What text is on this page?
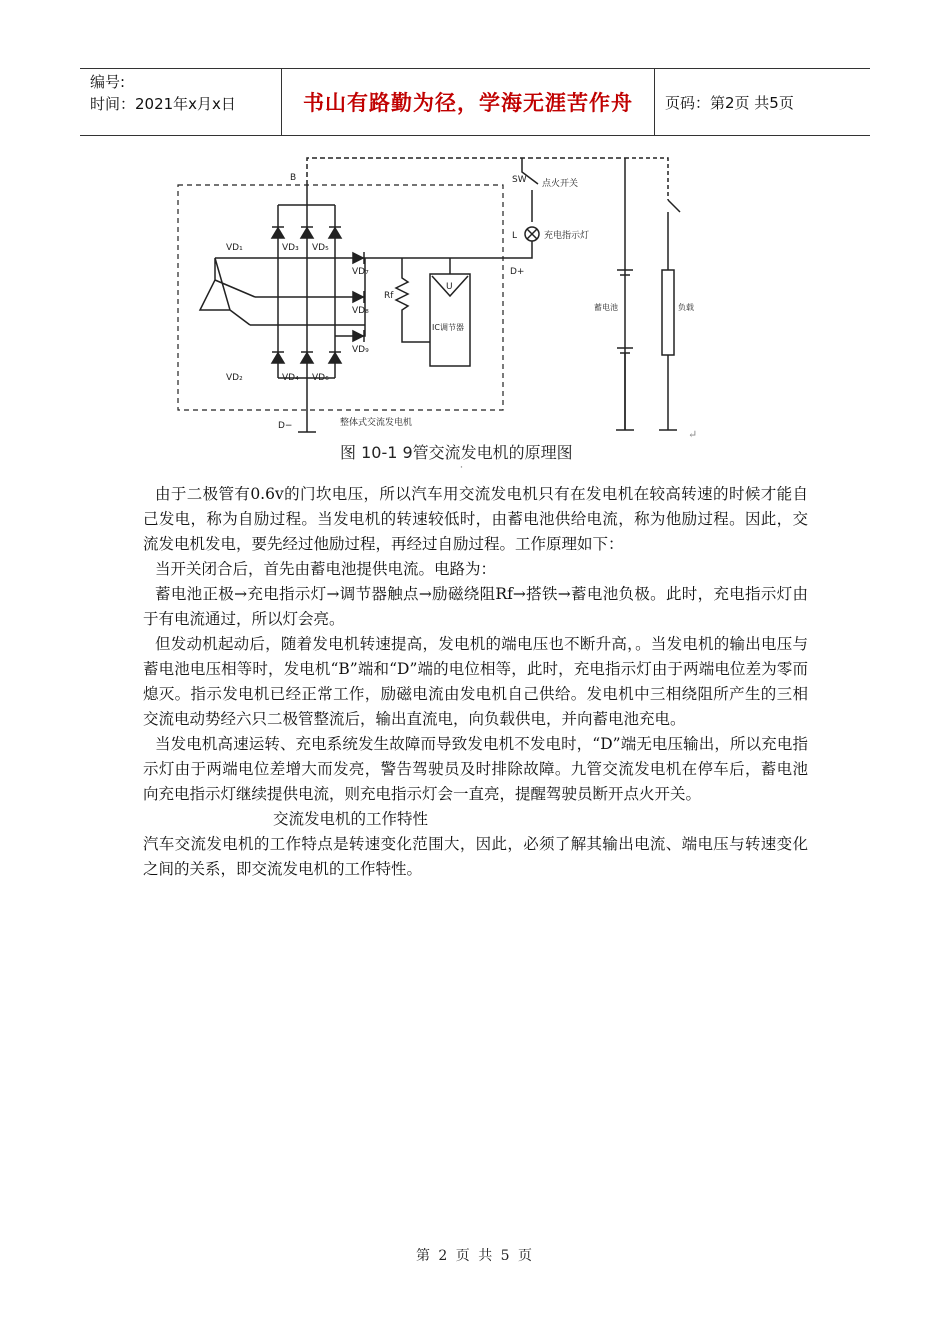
编号:
时间：2021年x月x日	书山有路勤为径，学海无涯苦作舟	页码：第2页 共5页
B	SW 点火开关
L	充电指示灯
D+
D−
VD₁	VD₃ VD₅
VD₂	VD₄ VD₆
VD₇
VD₈
VD₉
Rf
U
IC调节器
蓄电池	负载
整体式交流发电机
图 10-1 9管交流发电机的原理图
↵
⸱

由于二极管有0.6v的门坎电压，所以汽车用交流发电机只有在发电机在较高转速的时候才能自己发电，称为自励过程。当发电机的转速较低时，由蓄电池供给电流，称为他励过程。因此，交流发电机发电，要先经过他励过程，再经过自励过程。工作原理如下：

当开关闭合后，首先由蓄电池提供电流。电路为：

蓄电池正极→充电指示灯→调节器触点→励磁绕阻Rf→搭铁→蓄电池负极。此时，充电指示灯由于有电流通过，所以灯会亮。

但发动机起动后，随着发电机转速提高，发电机的端电压也不断升高，。当发电机的输出电压与蓄电池电压相等时，发电机“B”端和“D”端的电位相等，此时，充电指示灯由于两端电位差为零而熄灭。指示发电机已经正常工作，励磁电流由发电机自己供给。发电机中三相绕阻所产生的三相交流电动势经六只二极管整流后，输出直流电，向负载供电，并向蓄电池充电。

当发电机高速运转、充电系统发生故障而导致发电机不发电时，“D”端无电压输出，所以充电指示灯由于两端电位差增大而发亮，警告驾驶员及时排除故障。九管交流发电机在停车后，蓄电池向充电指示灯继续提供电流，则充电指示灯会一直亮，提醒驾驶员断开点火开关。

交流发电机的工作特性

汽车交流发电机的工作特点是转速变化范围大，因此，必须了解其输出电流、端电压与转速变化之间的关系，即交流发电机的工作特性。

第 2 页 共 5 页
